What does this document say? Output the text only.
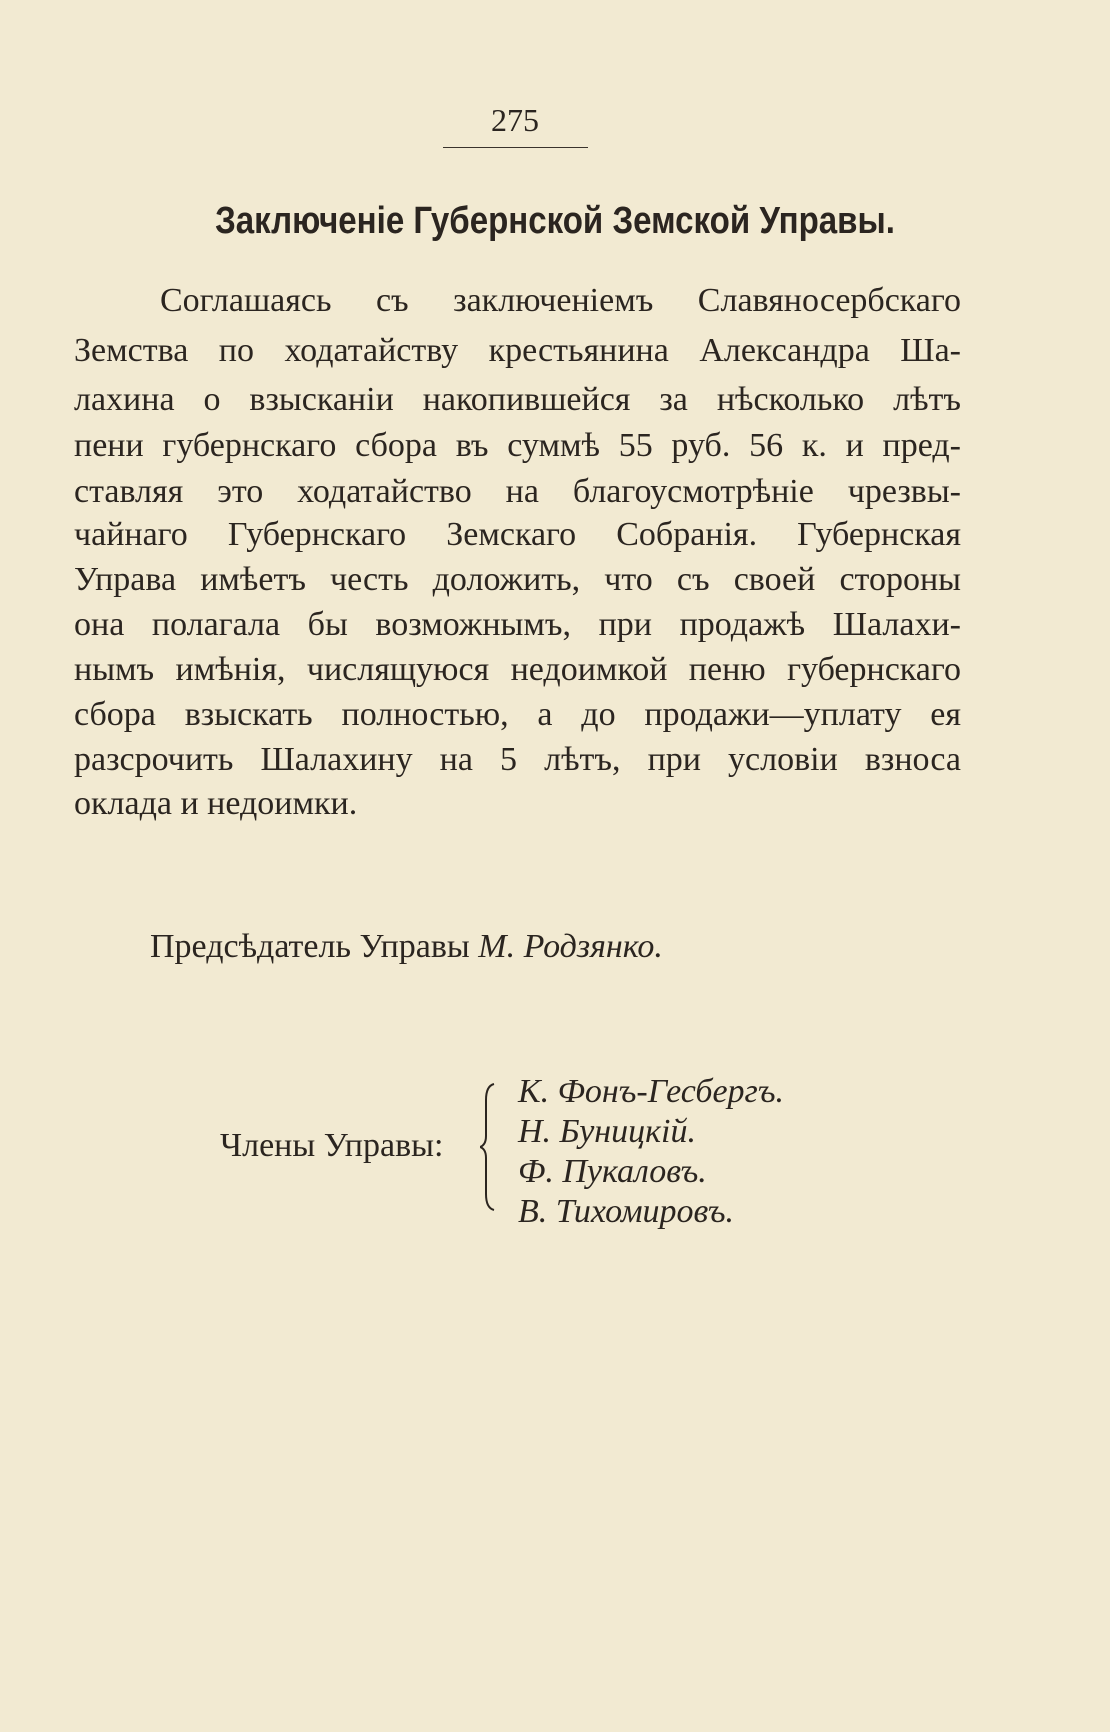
275
Заключеніе Губернской Земской Управы.
Соглашаясь съ заключеніемъ Славяносербскаго
Земства по ходатайству крестьянина Александра Ша-
лахина о взысканіи накопившейся за нѣсколько лѣтъ
пени губернскаго сбора въ суммѣ 55 руб. 56 к. и пред-
ставляя это ходатайство на благоусмотрѣніе чрезвы-
чайнаго Губернскаго Земскаго Собранія. Губернская
Управа имѣетъ честь доложить, что съ своей стороны
она полагала бы возможнымъ, при продажѣ Шалахи-
нымъ имѣнія, числящуюся недоимкой пеню губернскаго
сбора взыскать полностью, а до продажи—уплату ея
разсрочить Шалахину на 5 лѣтъ, при условіи взноса
оклада и недоимки.
Предсѣдатель Управы М. Родзянко.
Члены Управы:
К. Фонъ-Гесбергъ.
Н. Буницкій.
Ф. Пукаловъ.
В. Тихомировъ.
